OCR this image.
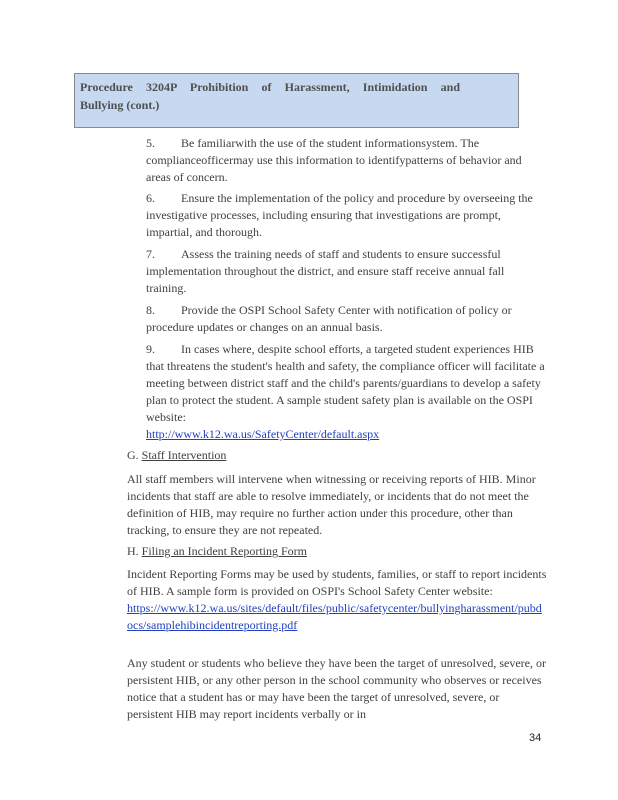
Procedure 3204P Prohibition of Harassment, Intimidation and
Bullying (cont.)
5. Be familiarwith the use of the student informationsystem. The complianceofficermay use this information to identifypatterns of behavior and areas of concern.
6. Ensure the implementation of the policy and procedure by overseeing the investigative processes, including ensuring that investigations are prompt, impartial, and thorough.
7. Assess the training needs of staff and students to ensure successful implementation throughout the district, and ensure staff receive annual fall training.
8. Provide the OSPI School Safety Center with notification of policy or procedure updates or changes on an annual basis.
9. In cases where, despite school efforts, a targeted student experiences HIB that threatens the student's health and safety, the compliance officer will facilitate a meeting between district staff and the child's parents/guardians to develop a safety plan to protect the student. A sample student safety plan is available on the OSPI website:
http://www.k12.wa.us/SafetyCenter/default.aspx
G. Staff Intervention
All staff members will intervene when witnessing or receiving reports of HIB. Minor incidents that staff are able to resolve immediately, or incidents that do not meet the definition of HIB, may require no further action under this procedure, other than tracking, to ensure they are not repeated.
H. Filing an Incident Reporting Form
Incident Reporting Forms may be used by students, families, or staff to report incidents of HIB. A sample form is provided on OSPI's School Safety Center website:
https://www.k12.wa.us/sites/default/files/public/safetycenter/bullyingharassment/pubdocs/samplehibincidentreporting.pdf
Any student or students who believe they have been the target of unresolved, severe, or persistent HIB, or any other person in the school community who observes or receives notice that a student has or may have been the target of unresolved, severe, or persistent HIB may report incidents verbally or in
34
